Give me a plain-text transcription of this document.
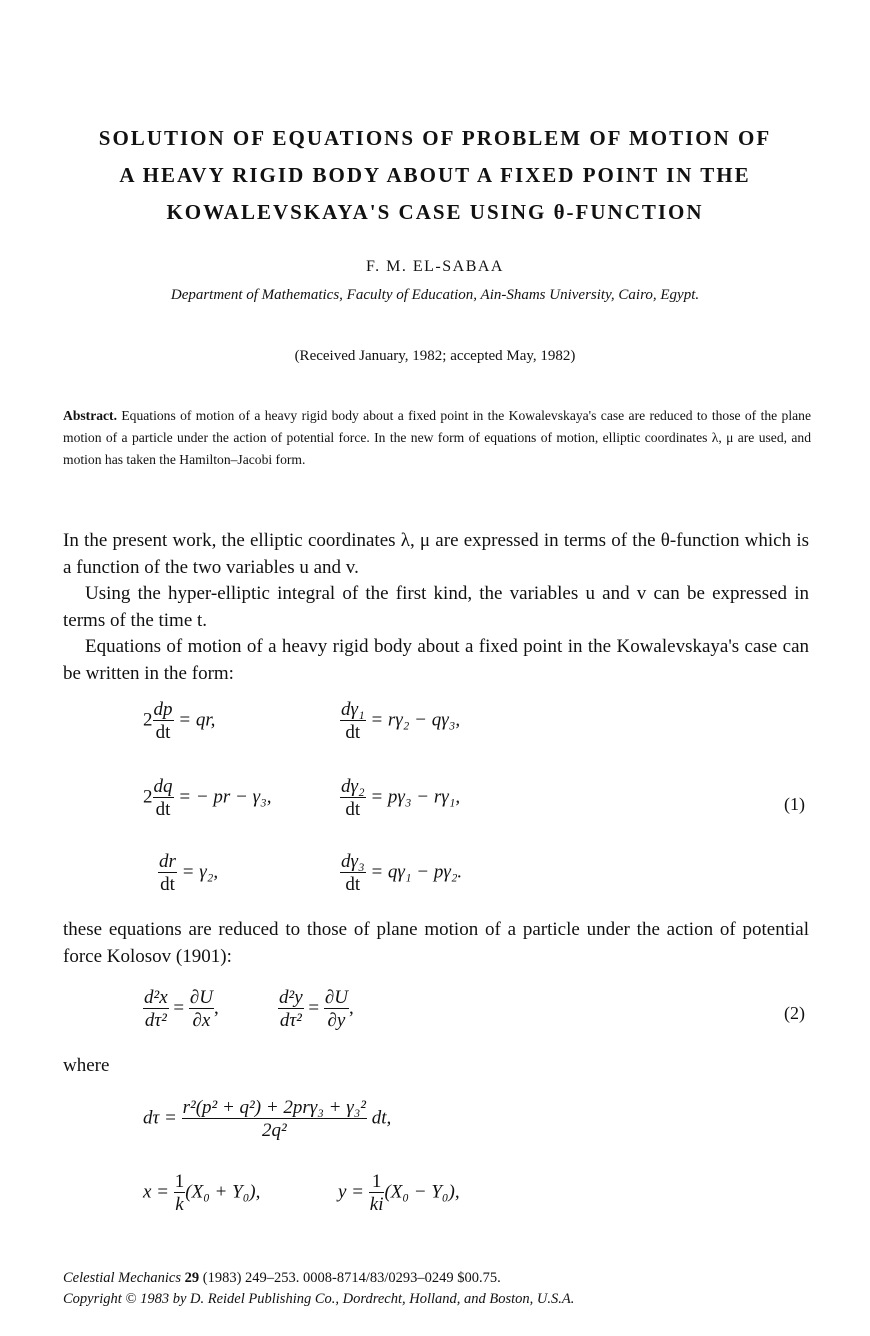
SOLUTION OF EQUATIONS OF PROBLEM OF MOTION OF
A HEAVY RIGID BODY ABOUT A FIXED POINT IN THE
KOWALEVSKAYA'S CASE USING θ-FUNCTION
F. M. EL-SABAA
Department of Mathematics, Faculty of Education, Ain-Shams University, Cairo, Egypt.
(Received January, 1982; accepted May, 1982)
Abstract. Equations of motion of a heavy rigid body about a fixed point in the Kowalevskaya's case are reduced to those of the plane motion of a particle under the action of potential force. In the new form of equations of motion, elliptic coordinates λ, μ are used, and motion has taken the Hamilton–Jacobi form.
In the present work, the elliptic coordinates λ, μ are expressed in terms of the θ-function which is a function of the two variables u and v.
Using the hyper-elliptic integral of the first kind, the variables u and v can be expressed in terms of the time t.
Equations of motion of a heavy rigid body about a fixed point in the Kowalevskaya's case can be written in the form:
$2 \frac{dp}{dt}$ = qr,	$\frac{\text{dγ₁}}{dt} = r\gamma_2 - q\gamma_3$,
$2 \frac{dq}{dt}$ = − pr − γ₃,	$\frac{\text{dγ₂}}{dt} = p\gamma_3 - r\gamma_1$,	(1)
$\frac{dr}{dt} = \gamma_2$,	$\frac{\text{dγ₃}}{dt} = q\gamma_1 - p\gamma_2$.
these equations are reduced to those of plane motion of a particle under the action of potential force Kolosov (1901):
$\frac{\text{d²x}}{\text{dτ²}} = \frac{\partial U}{\partial x}$ ,	$\frac{\text{d²y}}{\text{dτ²}} = \frac{\partial U}{\partial y}$ ,	(2)
where
$d\tau = \frac{\text{r²(p² + q²) + 2prγ₃ + γ₃²}}{\text{2q²}}$ dt,
$x = \frac{1}{k} (X_0 + Y_0)$,	$y = \frac{1}{ki} (X_0 - Y_0)$,
Celestial Mechanics 29 (1983) 249–253. 0008-8714/83/0293–0249 $00.75.
Copyright © 1983 by D. Reidel Publishing Co., Dordrecht, Holland, and Boston, U.S.A.
